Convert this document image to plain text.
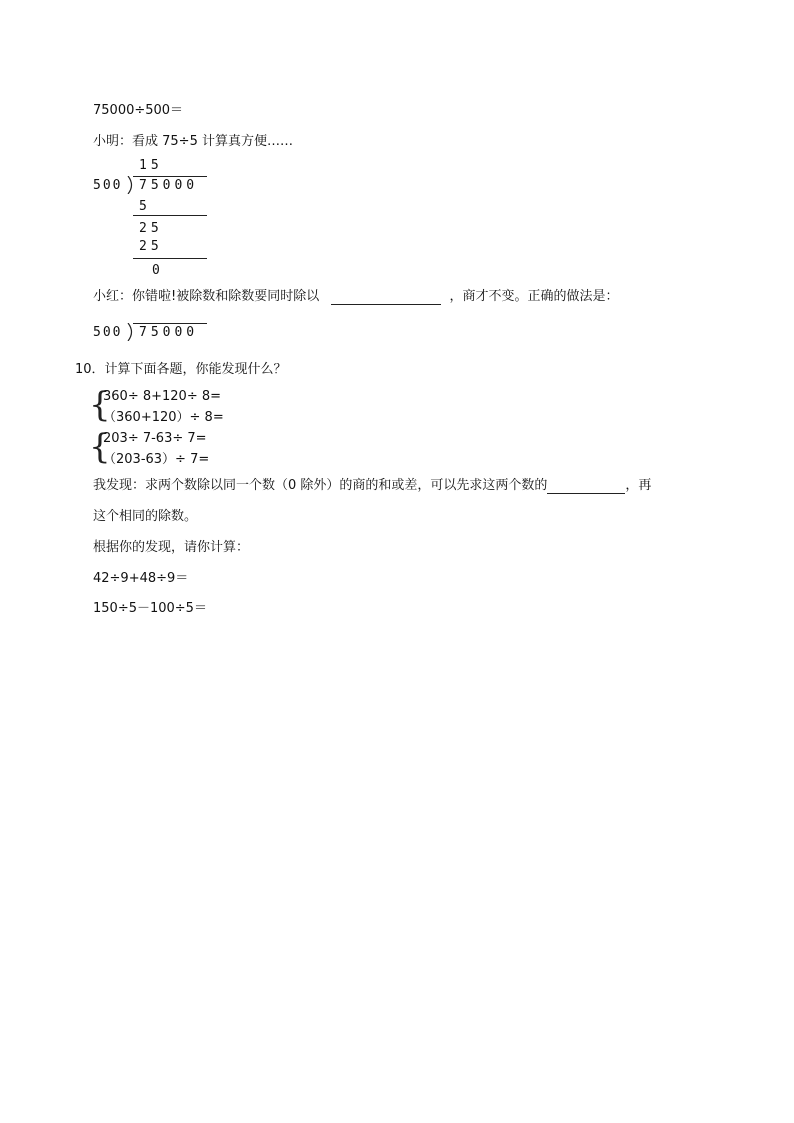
75000÷500＝
小明：看成 75÷5 计算真方便……
15
500 75000
5
25
25
0
小红：你错啦!被除数和除数要同时除以	，商才不变。正确的做法是：
500 75000
10．计算下面各题，你能发现什么？
{
360÷ 8+120÷ 8=
（360+120）÷ 8=
{
203÷ 7-63÷ 7=
（203-63）÷ 7=
我发现：求两个数除以同一个数（0 除外）的商的和或差，可以先求这两个数的	，再
这个相同的除数。
根据你的发现，请你计算：
42÷9+48÷9＝
150÷5－100÷5＝
